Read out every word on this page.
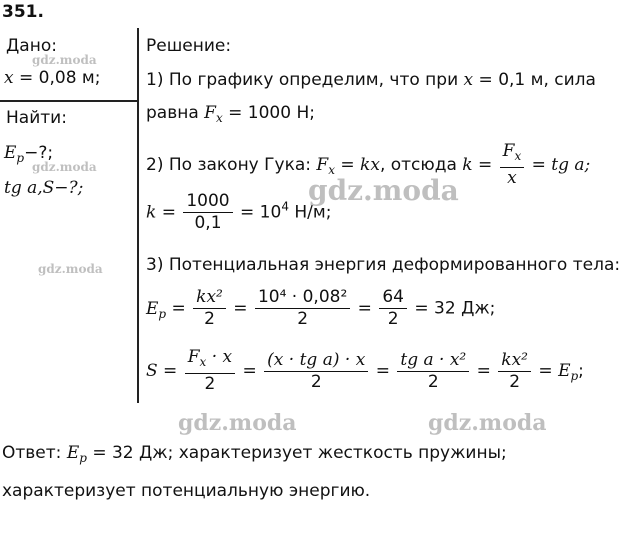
351.
Дано:
x = 0,08 м;
Найти:
$E_p-$?;
tg a,S−?;
Решение:
1) По графику определим, что при x = 0,1 м, сила
равна $F_x = 1000$ Н;
2) По закону Гука: $F_x$ = kx, отсюда $k = \frac{F_x}{x}$ = tg a;
$k = \frac{1000}{0,1} = 10^4$ Н/м;
3) Потенциальная энергия деформированного тела:
$E_p = \frac{\text{kx²}}{2} = \frac{\text{10⁴ · 0,08²}}{2} = \frac{64}{2} = 32$ Дж;
$S = \frac{F_x \cdot x}{2} = \frac{\text{(x · tg a) · x}}{2} = \frac{\text{tg a · x²}}{2} = \frac{\text{kx²}}{2} = E_p$;
Ответ: $E_p = 32$ Дж; характеризует жесткость пружины;
характеризует потенциальную энергию.
gdz.moda
gdz.moda
gdz.moda
gdz.moda
gdz.moda	gdz.moda
